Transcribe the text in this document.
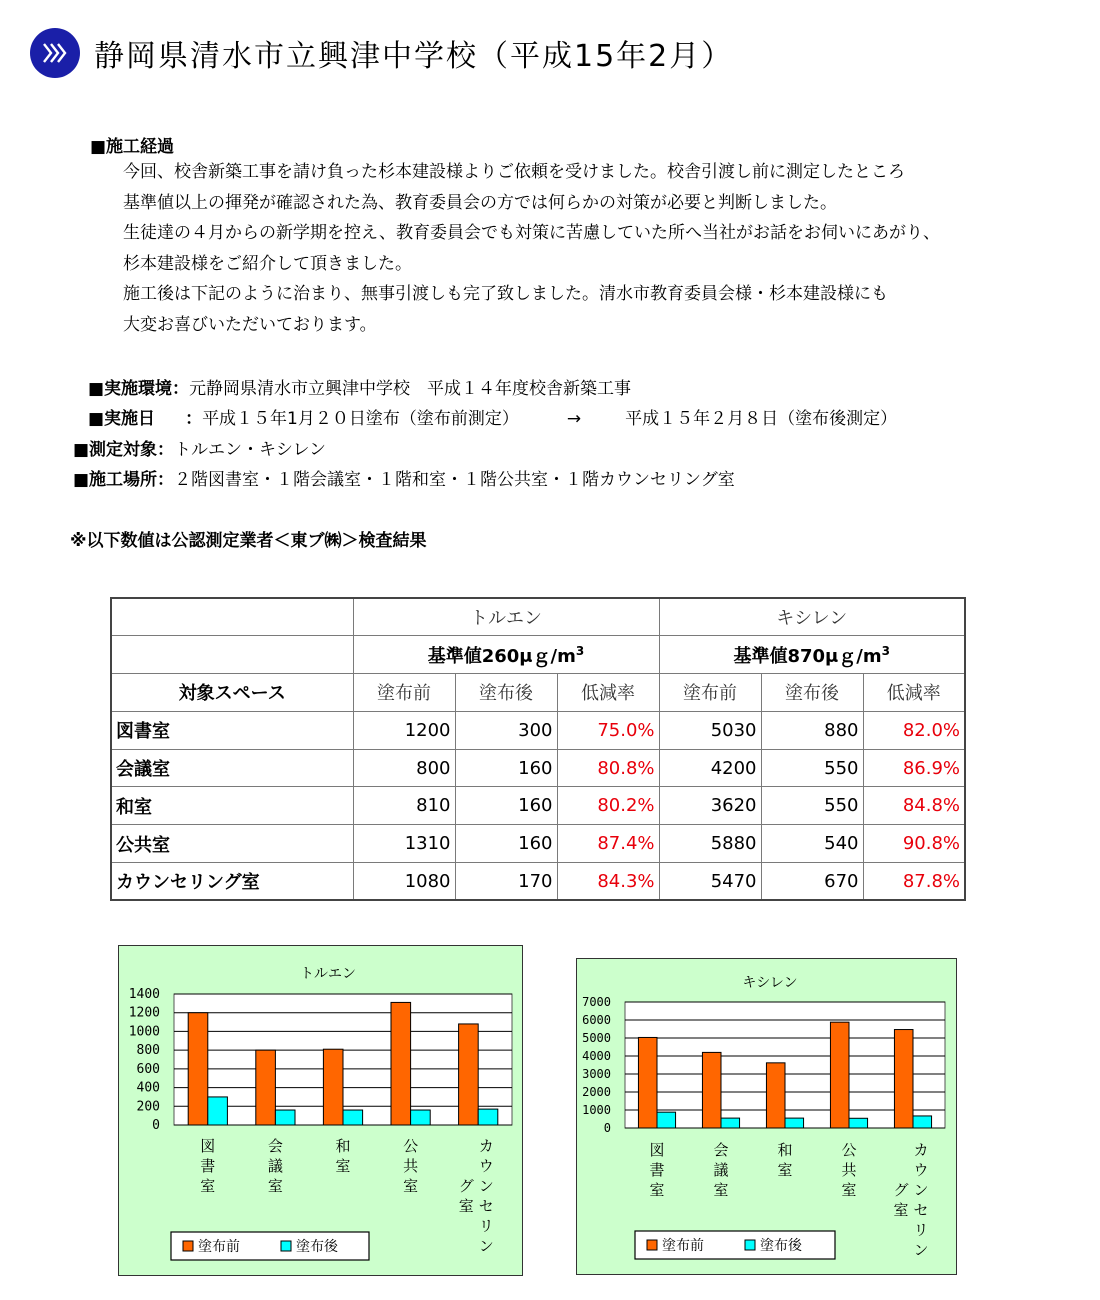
静岡県清水市立興津中学校（平成15年2月）
■施工経過
今回、校舎新築工事を請け負った杉本建設様よりご依頼を受けました。校舎引渡し前に測定したところ
基準値以上の揮発が確認された為、教育委員会の方では何らかの対策が必要と判断しました。
生徒達の４月からの新学期を控え、教育委員会でも対策に苦慮していた所へ当社がお話をお伺いにあがり、
杉本建設様をご紹介して頂きました。
施工後は下記のように治まり、無事引渡しも完了致しました。清水市教育委員会様・杉本建設様にも
大変お喜びいただいております。
■実施環境：元静岡県清水市立興津中学校　平成１４年度校舎新築工事
■実施日 ：平成１５年1月２０日塗布（塗布前測定）	→	平成１５年２月８日（塗布後測定）
■測定対象：トルエン・キシレン
■施工場所：２階図書室・１階会議室・１階和室・１階公共室・１階カウンセリング室
※以下数値は公認測定業者＜東ブ㈱＞検査結果
	トルエン			キシレン		
	基準値$260\mu g/m^3$			基準値$870\mu g/m^3$
対象スペース	塗布前	塗布後	低減率	塗布前	塗布後	低減率
図書室	1200	300	75.0%	5030	880	82.0%
会議室	800	160	80.8%	4200	550	86.9%
和室	810	160	80.2%	3620	550	84.8%
公共室	1310	160	87.4%	5880	540	90.8%
カウンセリング室	1080	170	84.3%	5470	670	87.8%
トルエン
0
200
400
600
800
1000
1200
1400
図
書
室
会
議
室
和
室
公
共
室
カ
ウ
ン
セ
リ
ン
グ
室
塗布前	塗布後
キシレン
0
1000
2000
3000
4000
5000
6000
7000
図
書
室
会
議
室
和
室
公
共
室
カ
ウ
ン
セ
リ
ン
グ
室
塗布前	塗布後
